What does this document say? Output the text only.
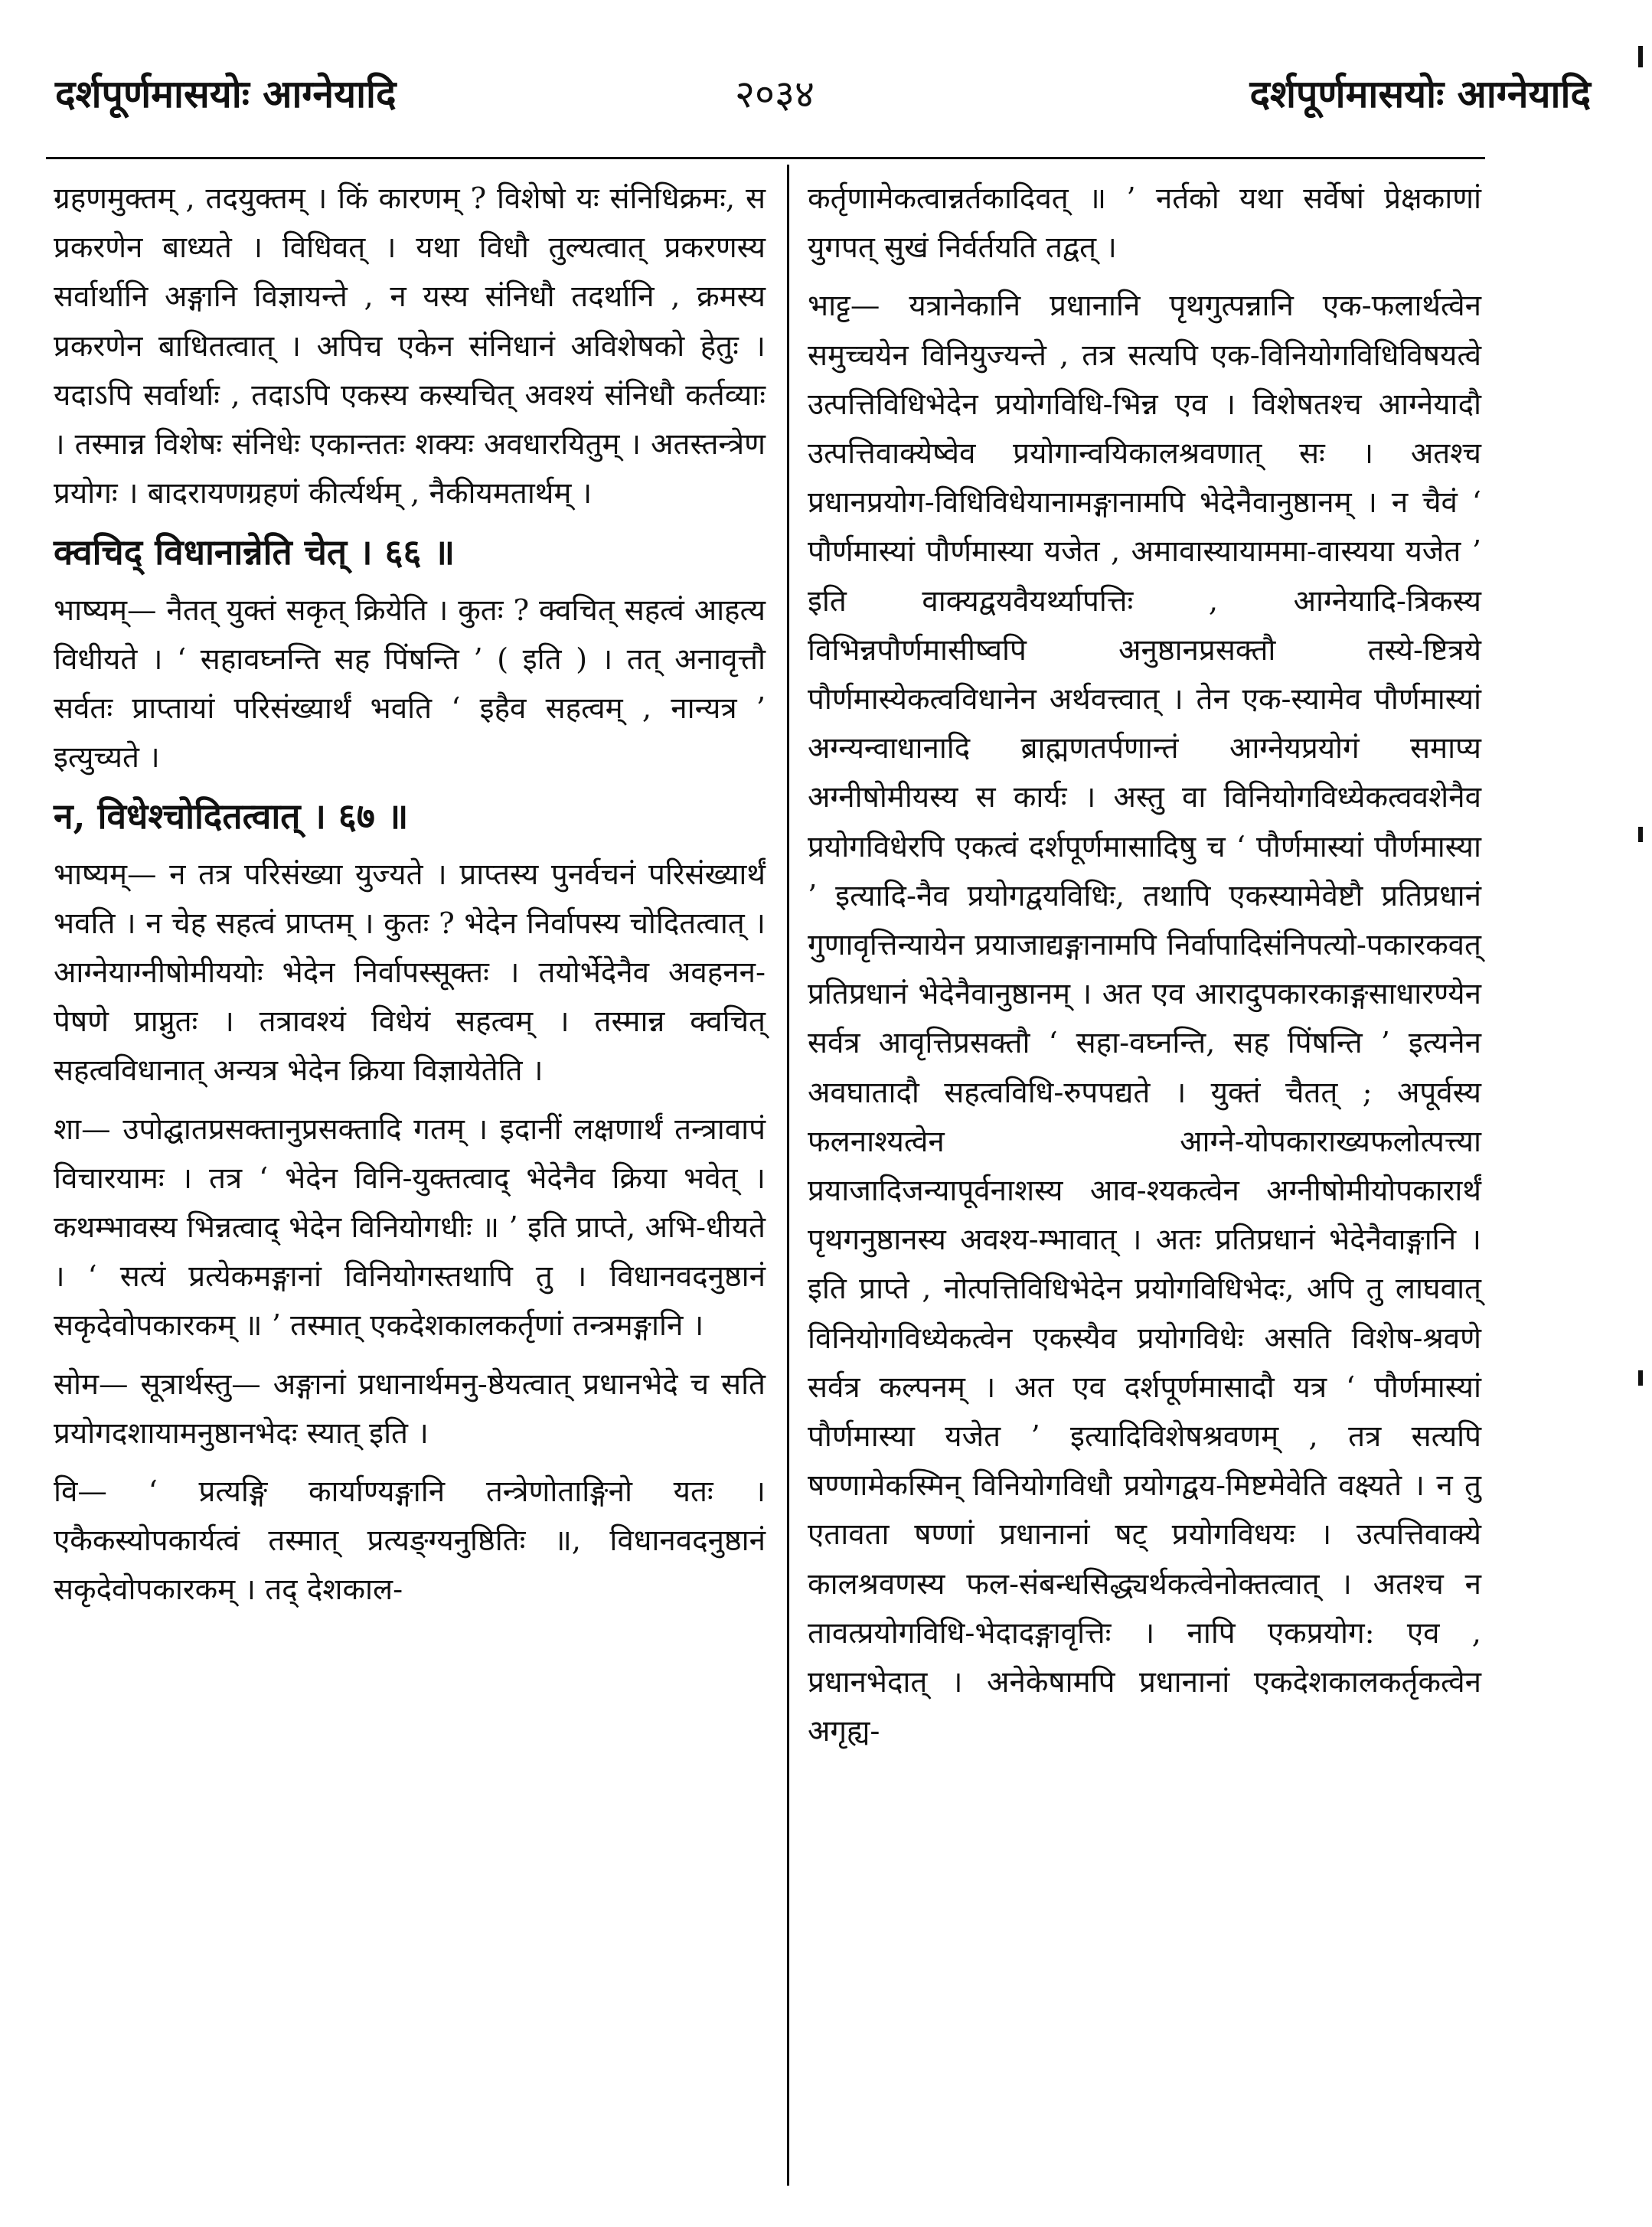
दर्शपूर्णमासयोः आग्नेयादि	२०३४	दर्शपूर्णमासयोः आग्नेयादि

ग्रहणमुक्तम् , तदयुक्तम् । किं कारणम् ? विशेषो यः संनिधिक्रमः, स प्रकरणेन बाध्यते । विधिवत् । यथा विधौ तुल्यत्वात् प्रकरणस्य सर्वार्थानि अङ्गानि विज्ञायन्ते , न यस्य संनिधौ तदर्थानि , क्रमस्य प्रकरणेन बाधितत्वात् । अपिच एकेन संनिधानं अविशेषको हेतुः । यदाऽपि सर्वार्थाः , तदाऽपि एकस्य कस्यचित् अवश्यं संनिधौ कर्तव्याः । तस्मान्न विशेषः संनिधेः एकान्ततः शक्यः अवधारयितुम् । अतस्तन्त्रेण प्रयोगः । बादरायणग्रहणं कीर्त्यर्थम् , नैकीयमतार्थम् ।

क्वचिद् विधानान्नेति चेत् । ६६ ॥

भाष्यम्— नैतत् युक्तं सकृत् क्रियेति । कुतः ? क्वचित् सहत्वं आहत्य विधीयते । ‘ सहावघ्नन्ति सह पिंषन्ति ’ ( इति ) । तत् अनावृत्तौ सर्वतः प्राप्तायां परिसंख्यार्थं भवति ‘ इहैव सहत्वम् , नान्यत्र ’ इत्युच्यते ।

न, विधेश्चोदितत्वात् । ६७ ॥

भाष्यम्— न तत्र परिसंख्या युज्यते । प्राप्तस्य पुनर्वचनं परिसंख्यार्थं भवति । न चेह सहत्वं प्राप्तम् । कुतः ? भेदेन निर्वापस्य चोदितत्वात् । आग्नेयाग्नीषोमीययोः भेदेन निर्वापस्सूक्तः । तयोर्भेदेनैव अवहनन-पेषणे प्राप्नुतः । तत्रावश्यं विधेयं सहत्वम् । तस्मान्न क्वचित् सहत्वविधानात् अन्यत्र भेदेन क्रिया विज्ञायेतेति ।

शा— उपोद्घातप्रसक्तानुप्रसक्तादि गतम् । इदानीं लक्षणार्थं तन्त्रावापं विचारयामः । तत्र ‘ भेदेन विनि-युक्तत्वाद् भेदेनैव क्रिया भवेत् । कथम्भावस्य भिन्नत्वाद् भेदेन विनियोगधीः ॥ ’ इति प्राप्ते, अभि-धीयते । ‘ सत्यं प्रत्येकमङ्गानां विनियोगस्तथापि तु । विधानवदनुष्ठानं सकृदेवोपकारकम् ॥ ’ तस्मात् एकदेशकालकर्तृणां तन्त्रमङ्गानि ।

सोम— सूत्रार्थस्तु— अङ्गानां प्रधानार्थमनु-ष्ठेयत्वात् प्रधानभेदे च सति प्रयोगदशायामनुष्ठानभेदः स्यात् इति ।

वि— ‘ प्रत्यङ्गि कार्याण्यङ्गानि तन्त्रेणोताङ्गिनो यतः । एकैकस्योपकार्यत्वं तस्मात् प्रत्यङ्ग्यनुष्ठितिः ॥, विधानवदनुष्ठानं सकृदेवोपकारकम् । तद् देशकाल-

कर्तृणामेकत्वान्नर्तकादिवत् ॥ ’ नर्तको यथा सर्वेषां प्रेक्षकाणां युगपत् सुखं निर्वर्तयति तद्वत् ।

भाट्ट— यत्रानेकानि प्रधानानि पृथगुत्पन्नानि एक-फलार्थत्वेन समुच्चयेन विनियुज्यन्ते , तत्र सत्यपि एक-विनियोगविधिविषयत्वे उत्पत्तिविधिभेदेन प्रयोगविधि-भिन्न एव । विशेषतश्च आग्नेयादौ उत्पत्तिवाक्येष्वेव प्रयोगान्वयिकालश्रवणात् सः । अतश्च प्रधानप्रयोग-विधिविधेयानामङ्गानामपि भेदेनैवानुष्ठानम् । न चैवं ‘ पौर्णमास्यां पौर्णमास्या यजेत , अमावास्यायाममा-वास्यया यजेत ’ इति वाक्यद्वयवैयर्थ्यापत्तिः , आग्नेयादि-त्रिकस्य विभिन्नपौर्णमासीष्वपि अनुष्ठानप्रसक्तौ तस्ये-ष्टित्रये पौर्णमास्येकत्वविधानेन अर्थवत्त्वात् । तेन एक-स्यामेव पौर्णमास्यां अग्न्यन्वाधानादि ब्राह्मणतर्पणान्तं आग्नेयप्रयोगं समाप्य अग्नीषोमीयस्य स कार्यः । अस्तु वा विनियोगविध्येकत्ववशेनैव प्रयोगविधेरपि एकत्वं दर्शपूर्णमासादिषु च ‘ पौर्णमास्यां पौर्णमास्या ’ इत्यादि-नैव प्रयोगद्वयविधिः, तथापि एकस्यामेवेष्टौ प्रतिप्रधानं गुणावृत्तिन्यायेन प्रयाजाद्यङ्गानामपि निर्वापादिसंनिपत्यो-पकारकवत् प्रतिप्रधानं भेदेनैवानुष्ठानम् । अत एव आरादुपकारकाङ्गसाधारण्येन सर्वत्र आवृत्तिप्रसक्तौ ‘ सहा-वघ्नन्ति, सह पिंषन्ति ’ इत्यनेन अवघातादौ सहत्वविधि-रुपपद्यते । युक्तं चैतत् ; अपूर्वस्य फलनाश्यत्वेन आग्ने-योपकाराख्यफलोत्पत्त्या प्रयाजादिजन्यापूर्वनाशस्य आव-श्यकत्वेन अग्नीषोमीयोपकारार्थं पृथगनुष्ठानस्य अवश्य-म्भावात् । अतः प्रतिप्रधानं भेदेनैवाङ्गानि । इति प्राप्ते , नोत्पत्तिविधिभेदेन प्रयोगविधिभेदः, अपि तु लाघवात् विनियोगविध्येकत्वेन एकस्यैव प्रयोगविधेः असति विशेष-श्रवणे सर्वत्र कल्पनम् । अत एव दर्शपूर्णमासादौ यत्र ‘ पौर्णमास्यां पौर्णमास्या यजेत ’ इत्यादिविशेषश्रवणम् , तत्र सत्यपि षण्णामेकस्मिन् विनियोगविधौ प्रयोगद्वय-मिष्टमेवेति वक्ष्यते । न तु एतावता षण्णां प्रधानानां षट् प्रयोगविधयः । उत्पत्तिवाक्ये कालश्रवणस्य फल-संबन्धसिद्ध्यर्थकत्वेनोक्तत्वात् । अतश्च न तावत्प्रयोगविधि-भेदादङ्गावृत्तिः । नापि एकप्रयोग: एव , प्रधानभेदात् । अनेकेषामपि प्रधानानां एकदेशकालकर्तृकत्वेन अगृह्य-
